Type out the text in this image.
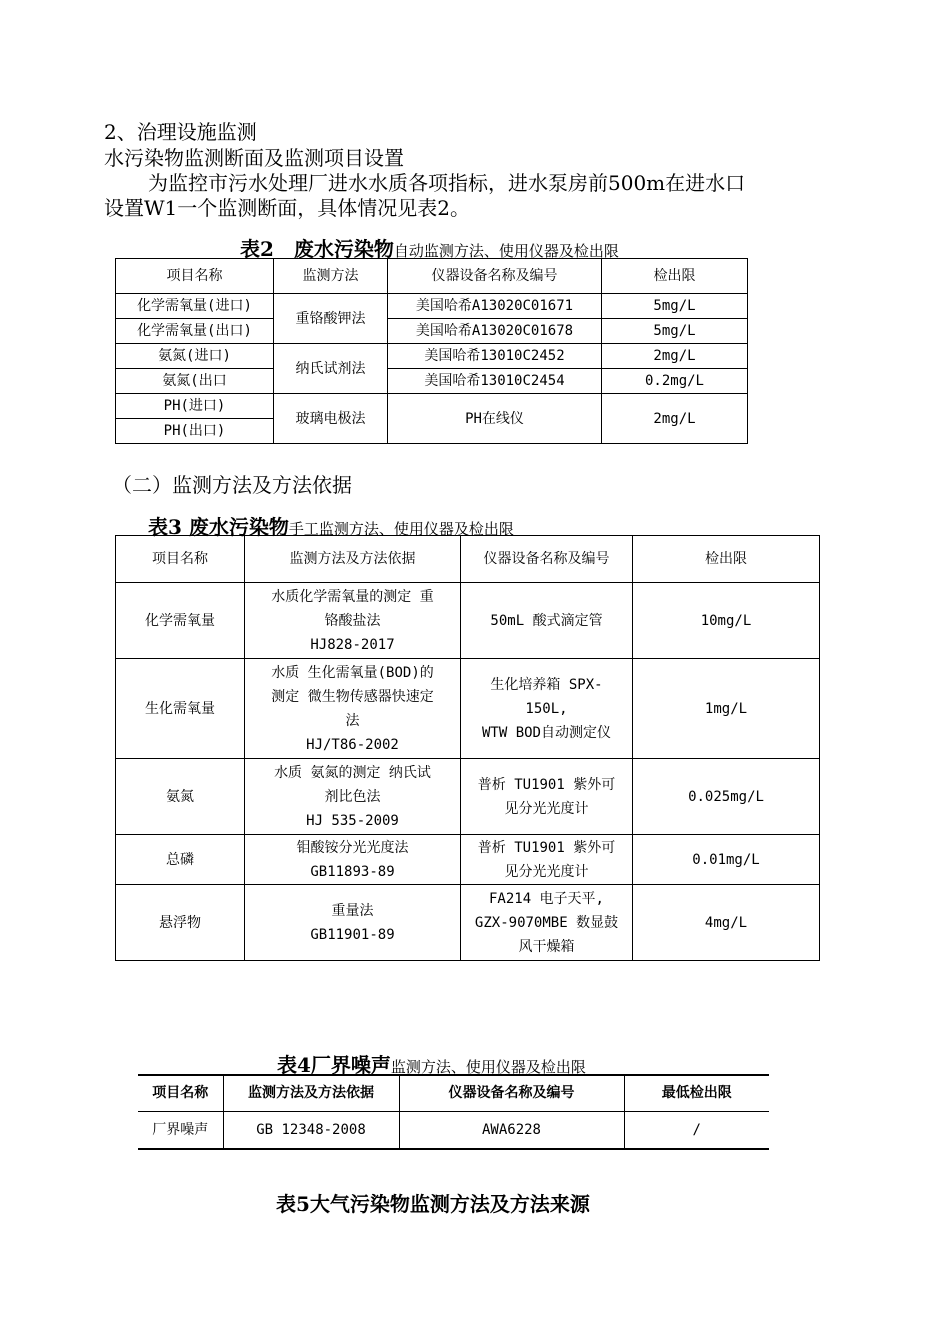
2、治理设施监测
水污染物监测断面及监测项目设置
为监控市污水处理厂进水水质各项指标，进水泵房前500m在进水口
设置W1一个监测断面，具体情况见表2。
表2　废水污染物自动监测方法、使用仪器及检出限
项目名称	监测方法	仪器设备名称及编号	检出限
化学需氧量(进口)	重铬酸钾法	美国哈希A13020C01671	5mg/L
化学需氧量(出口)		美国哈希A13020C01678	5mg/L
氨氮(进口)	纳氏试剂法	美国哈希13010C2452	2mg/L
氨氮(出口		美国哈希13010C2454	0.2mg/L
PH(进口)	玻璃电极法	PH在线仪	2mg/L
PH(出口)			
（二）监测方法及方法依据
表3 废水污染物手工监测方法、使用仪器及检出限
项目名称	监测方法及方法依据	仪器设备名称及编号	检出限
化学需氧量	水质化学需氧量的测定 重
铬酸盐法
HJ828-2017	50mL 酸式滴定管	10mg/L
生化需氧量	水质 生化需氧量(BOD)的
测定 微生物传感器快速定
法
HJ/T86-2002	生化培养箱 SPX-
150L,
WTW BOD自动测定仪	1mg/L
氨氮	水质 氨氮的测定 纳氏试
剂比色法
HJ 535-2009	普析 TU1901 紫外可
见分光光度计	0.025mg/L
总磷	钼酸铵分光光度法
GB11893-89	普析 TU1901 紫外可
见分光光度计	0.01mg/L
悬浮物	重量法
GB11901-89	FA214 电子天平,
GZX-9070MBE 数显鼓
风干燥箱	4mg/L
表4厂界噪声监测方法、使用仪器及检出限
项目名称	监测方法及方法依据	仪器设备名称及编号	最低检出限
厂界噪声	GB 12348-2008	AWA6228	/
表5大气污染物监测方法及方法来源
